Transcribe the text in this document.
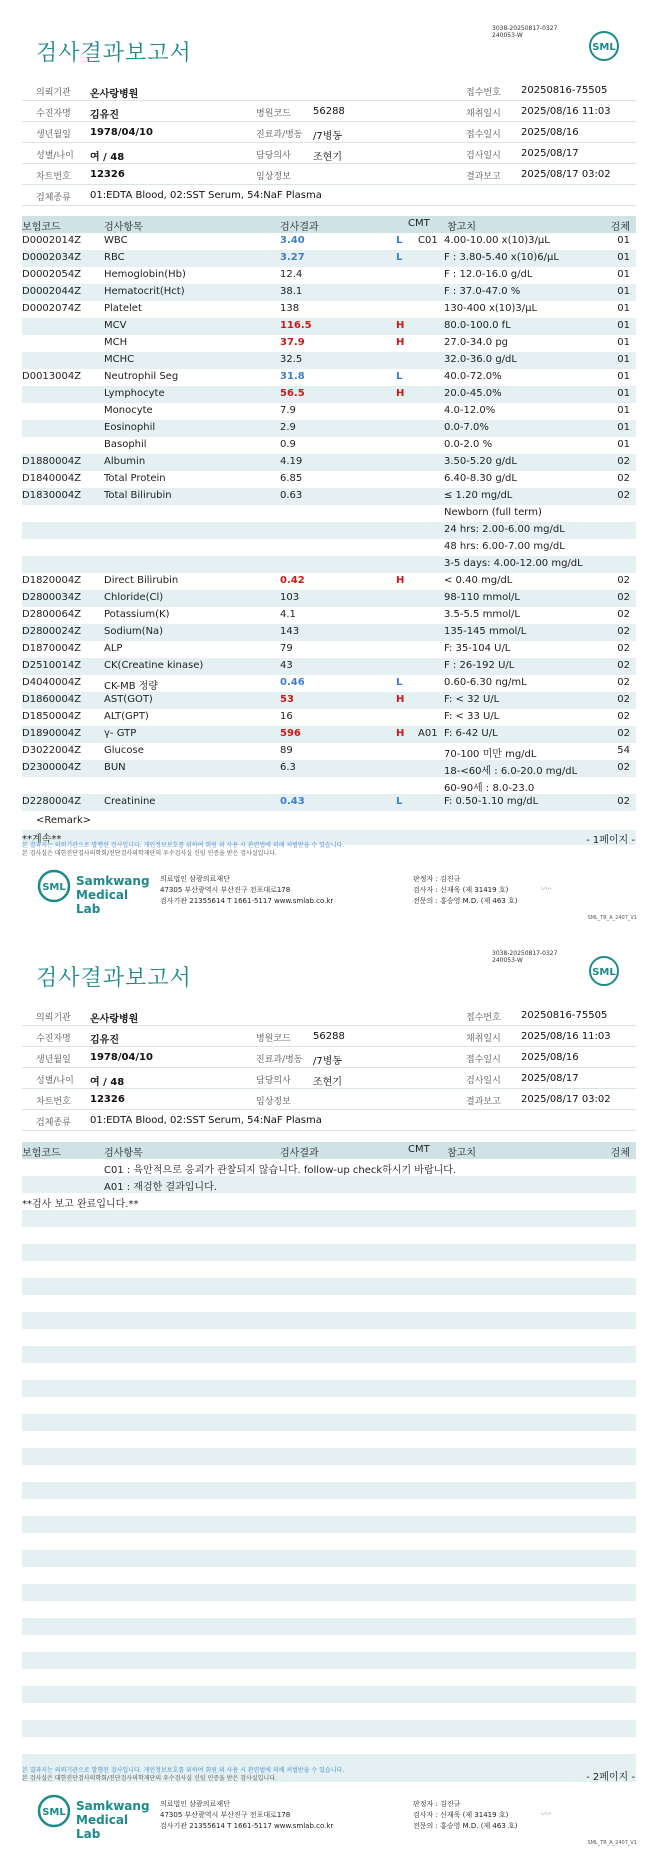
검사결과보고서
3038-20250817-0327
240053-W
SML
의뢰기관 온사랑병원	접수번호 20250816-75505
수진자명 김유진	병원코드 56288	채취일시 2025/08/16 11:03
생년월일 1978/04/10	진료과/병동 /7병동	접수일시 2025/08/16
성별/나이 여 / 48	담당의사 조현기	검사일시 2025/08/17
차트번호 12326	임상정보	결과보고 2025/08/17 03:02
검체종류 01:EDTA Blood, 02:SST Serum, 54:NaF Plasma
보험코드	검사항목	검사결과	CMT 참고치	검체
D0002014Z WBC	3.40	L C01 4.00-10.00 x(10)3/μL	01
D0002034Z RBC	3.27	L	F : 3.80-5.40 x(10)6/μL	01
D0002054Z Hemoglobin(Hb)	12.4	F : 12.0-16.0 g/dL	01
D0002044Z Hematocrit(Hct)	38.1	F : 37.0-47.0 %	01
D0002074Z Platelet	138	130-400 x(10)3/μL	01
MCV	116.5	H	80.0-100.0 fL	01
MCH	37.9	H	27.0-34.0 pg	01
MCHC	32.5	32.0-36.0 g/dL	01
D0013004Z Neutrophil Seg	31.8	L	40.0-72.0%	01
Lymphocyte	56.5	H	20.0-45.0%	01
Monocyte	7.9	4.0-12.0%	01
Eosinophil	2.9	0.0-7.0%	01
Basophil	0.9	0.0-2.0 %	01
D1880004Z Albumin	4.19	3.50-5.20 g/dL	02
D1840004Z Total Protein	6.85	6.40-8.30 g/dL	02
D1830004Z Total Bilirubin	0.63	≤ 1.20 mg/dL	02
Newborn (full term)
24 hrs: 2.00-6.00 mg/dL
48 hrs: 6.00-7.00 mg/dL
3-5 days: 4.00-12.00 mg/dL
D1820004Z Direct Bilirubin	0.42	H	< 0.40 mg/dL	02
D2800034Z Chloride(Cl)	103	98-110 mmol/L	02
D2800064Z Potassium(K)	4.1	3.5-5.5 mmol/L	02
D2800024Z Sodium(Na)	143	135-145 mmol/L	02
D1870004Z ALP	79	F: 35-104 U/L	02
D2510014Z CK(Creatine kinase)	43	F : 26-192 U/L	02
D4040004Z CK-MB 정량	0.46	L	0.60-6.30 ng/mL	02
D1860004Z AST(GOT)	53	H	F: < 32 U/L	02
D1850004Z ALT(GPT)	16	F: < 33 U/L	02
D1890004Z γ- GTP	596	H A01 F: 6-42 U/L	02
D3022004Z Glucose	89	70-100 미만 mg/dL	54
D2300004Z BUN	6.3	18-<60세 : 6.0-20.0 mg/dL	02
60-90세 : 8.0-23.0
D2280004Z Creatinine	0.43	L	F: 0.50-1.10 mg/dL	02
<Remark>
**계속**	- 1페이지 -
본 결과지는 의뢰기관으로 발행된 검사입니다. 개인정보보호를 위하여 회원 외 사용 시 관련법에 의해 처벌받을 수 있습니다.
본 검사실은 대한진단검사의학회/진단검사의학재단의 우수검사실 신임 인증을 받은 검사실입니다.
SML Samkwang
Medical Lab
의료법인 삼광의료재단
47305 부산광역시 부산진구 전포대로178
검사기관 21355614 T 1661-5117 www.smlab.co.kr
판정자 : 김진규
검사자 : 신재욱 (제 31419 호)
전문의 : 홍승영 M.D. (제 463 호)
〰ᐧ
SML_TR_A_2407_V1
검사결과보고서
3038-20250817-0327
240053-W
SML
의뢰기관 온사랑병원	접수번호 20250816-75505
수진자명 김유진	병원코드 56288	채취일시 2025/08/16 11:03
생년월일 1978/04/10	진료과/병동 /7병동	접수일시 2025/08/16
성별/나이 여 / 48	담당의사 조현기	검사일시 2025/08/17
차트번호 12326	임상정보	결과보고 2025/08/17 03:02
검체종류 01:EDTA Blood, 02:SST Serum, 54:NaF Plasma
보험코드	검사항목	검사결과	CMT 참고치	검체
C01 : 육안적으로 응괴가 관찰되지 않습니다. follow-up check하시기 바랍니다.
A01 : 재검한 결과입니다.
**검사 보고 완료입니다.**
- 2페이지 -
본 결과지는 의뢰기관으로 발행된 검사입니다. 개인정보보호를 위하여 회원 외 사용 시 관련법에 의해 처벌받을 수 있습니다.
본 검사실은 대한진단검사의학회/진단검사의학재단의 우수검사실 신임 인증을 받은 검사실입니다.
SML Samkwang
Medical Lab
의료법인 삼광의료재단
47305 부산광역시 부산진구 전포대로178
검사기관 21355614 T 1661-5117 www.smlab.co.kr
판정자 : 김진규
검사자 : 신재욱 (제 31419 호)
전문의 : 홍승영 M.D. (제 463 호)
〰ᐧ
SML_TR_A_2407_V1
